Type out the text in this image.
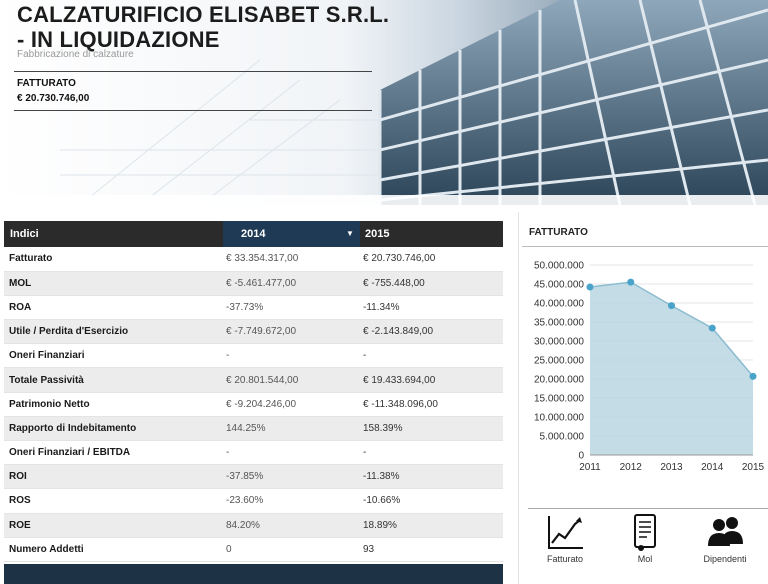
CALZATURIFICIO ELISABET S.R.L. - IN LIQUIDAZIONE
Fabbricazione di calzature
FATTURATO
€ 20.730.746,00
Indici	2014	▼ 2015
Fatturato	€ 33.354.317,00	€ 20.730.746,00
MOL	€ -5.461.477,00	€ -755.448,00
ROA	-37.73%	-11.34%
Utile / Perdita d'Esercizio	€ -7.749.672,00	€ -2.143.849,00
Oneri Finanziari	-	-
Totale Passività	€ 20.801.544,00	€ 19.433.694,00
Patrimonio Netto	€ -9.204.246,00	€ -11.348.096,00
Rapporto di Indebitamento	144.25%	158.39%
Oneri Finanziari / EBITDA	-	-
ROI	-37.85%	-11.38%
ROS	-23.60%	-10.66%
ROE	84.20%	18.89%
Numero Addetti	0	93
FATTURATO
0
5.000.000
10.000.000
15.000.000
20.000.000
25.000.000
30.000.000
35.000.000
40.000.000
45.000.000
50.000.000
2011 2012 2013 2014 2015
Fatturato	Mol	Dipendenti
